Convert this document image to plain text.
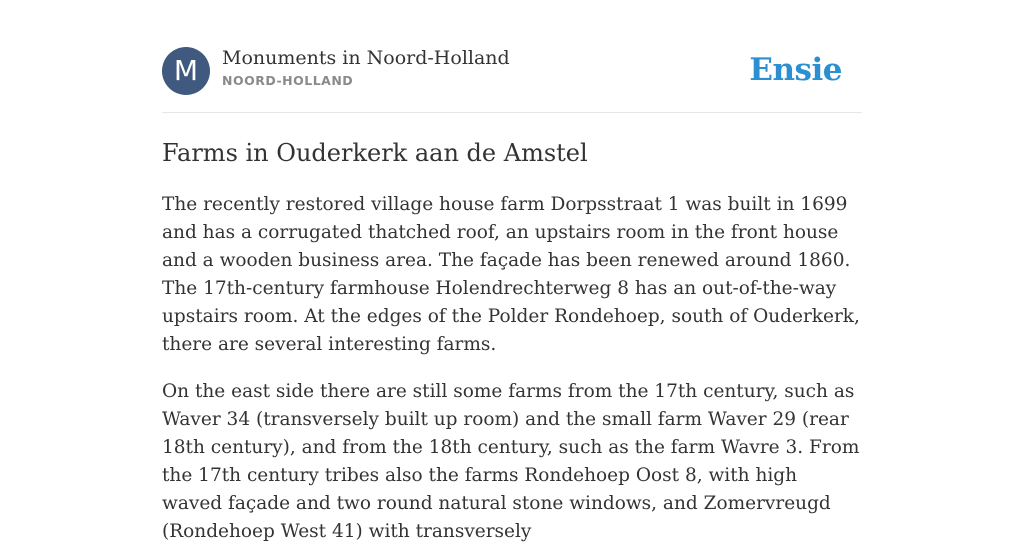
M	Monuments in Noord-Holland
NOORD-HOLLAND	Ensie
Farms in Ouderkerk aan de Amstel

The recently restored village house farm Dorpsstraat 1 was built in 1699 and has a corrugated thatched roof, an upstairs room in the front house and a wooden business area. The façade has been renewed around 1860. The 17th-century farmhouse Holendrechterweg 8 has an out-of-the-way upstairs room. At the edges of the Polder Rondehoep, south of Ouderkerk, there are several interesting farms.

On the east side there are still some farms from the 17th century, such as Waver 34 (transversely built up room) and the small farm Waver 29 (rear 18th century), and from the 18th century, such as the farm Wavre 3. From the 17th century tribes also the farms Rondehoep Oost 8, with high waved façade and two round natural stone windows, and Zomervreugd (Rondehoep West 41) with transversely
